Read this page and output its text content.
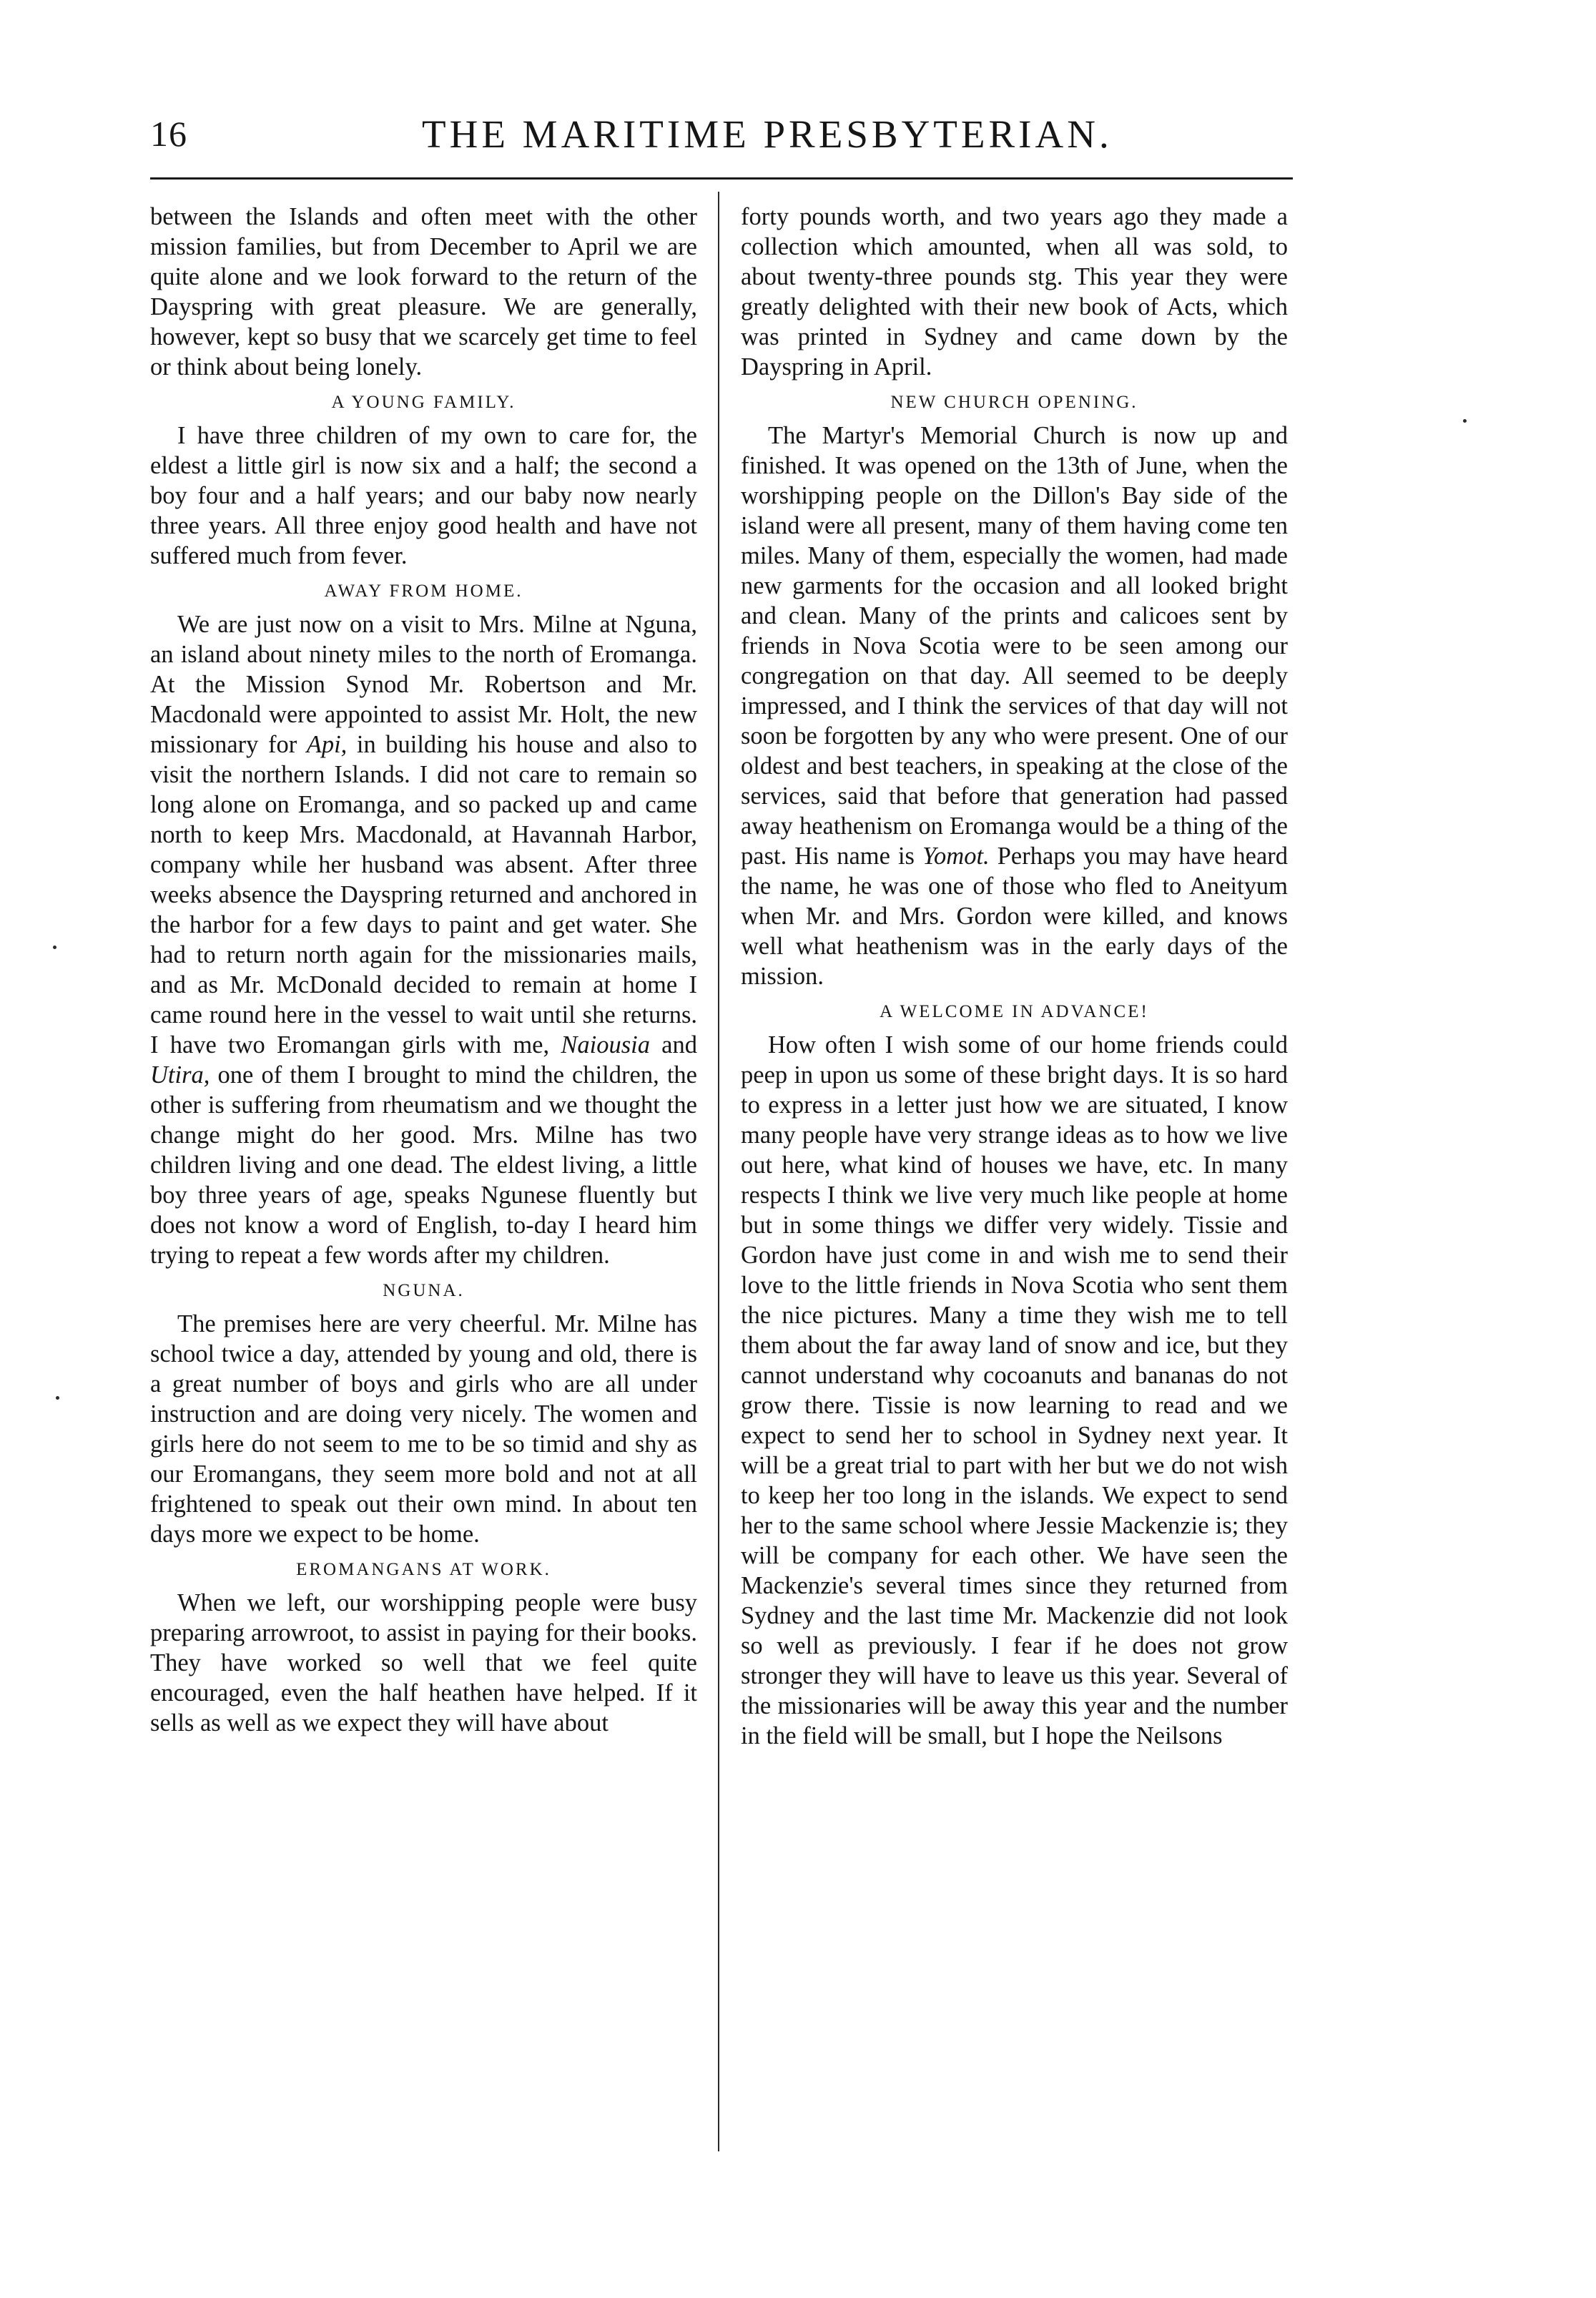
16	THE MARITIME PRESBYTERIAN.

between the Islands and often meet with the other mission families, but from December to April we are quite alone and we look forward to the return of the Dayspring with great pleasure. We are generally, however, kept so busy that we scarcely get time to feel or think about being lonely.

A YOUNG FAMILY.

I have three children of my own to care for, the eldest a little girl is now six and a half; the second a boy four and a half years; and our baby now nearly three years. All three enjoy good health and have not suffered much from fever.

AWAY FROM HOME.

We are just now on a visit to Mrs. Milne at Nguna, an island about ninety miles to the north of Eromanga. At the Mission Synod Mr. Robertson and Mr. Macdonald were appointed to assist Mr. Holt, the new missionary for Api, in building his house and also to visit the northern Islands. I did not care to remain so long alone on Eromanga, and so packed up and came north to keep Mrs. Macdonald, at Havannah Harbor, company while her husband was absent. After three weeks absence the Dayspring returned and anchored in the harbor for a few days to paint and get water. She had to return north again for the missionaries mails, and as Mr. McDonald decided to remain at home I came round here in the vessel to wait until she returns. I have two Eromangan girls with me, Naiousia and Utira, one of them I brought to mind the children, the other is suffering from rheumatism and we thought the change might do her good. Mrs. Milne has two children living and one dead. The eldest living, a little boy three years of age, speaks Ngunese fluently but does not know a word of English, to-day I heard him trying to repeat a few words after my children.

NGUNA.

The premises here are very cheerful. Mr. Milne has school twice a day, attended by young and old, there is a great number of boys and girls who are all under instruction and are doing very nicely. The women and girls here do not seem to me to be so timid and shy as our Eromangans, they seem more bold and not at all frightened to speak out their own mind. In about ten days more we expect to be home.

EROMANGANS AT WORK.

When we left, our worshipping people were busy preparing arrowroot, to assist in paying for their books. They have worked so well that we feel quite encouraged, even the half heathen have helped. If it sells as well as we expect they will have about

forty pounds worth, and two years ago they made a collection which amounted, when all was sold, to about twenty-three pounds stg. This year they were greatly delighted with their new book of Acts, which was printed in Sydney and came down by the Dayspring in April.

NEW CHURCH OPENING.

The Martyr's Memorial Church is now up and finished. It was opened on the 13th of June, when the worshipping people on the Dillon's Bay side of the island were all present, many of them having come ten miles. Many of them, especially the women, had made new garments for the occasion and all looked bright and clean. Many of the prints and calicoes sent by friends in Nova Scotia were to be seen among our congregation on that day. All seemed to be deeply impressed, and I think the services of that day will not soon be forgotten by any who were present. One of our oldest and best teachers, in speaking at the close of the services, said that before that generation had passed away heathenism on Eromanga would be a thing of the past. His name is Yomot. Perhaps you may have heard the name, he was one of those who fled to Aneityum when Mr. and Mrs. Gordon were killed, and knows well what heathenism was in the early days of the mission.

A WELCOME IN ADVANCE!

How often I wish some of our home friends could peep in upon us some of these bright days. It is so hard to express in a letter just how we are situated, I know many people have very strange ideas as to how we live out here, what kind of houses we have, etc. In many respects I think we live very much like people at home but in some things we differ very widely. Tissie and Gordon have just come in and wish me to send their love to the little friends in Nova Scotia who sent them the nice pictures. Many a time they wish me to tell them about the far away land of snow and ice, but they cannot understand why cocoanuts and bananas do not grow there. Tissie is now learning to read and we expect to send her to school in Sydney next year. It will be a great trial to part with her but we do not wish to keep her too long in the islands. We expect to send her to the same school where Jessie Mackenzie is; they will be company for each other. We have seen the Mackenzie's several times since they returned from Sydney and the last time Mr. Mackenzie did not look so well as previously. I fear if he does not grow stronger they will have to leave us this year. Several of the missionaries will be away this year and the number in the field will be small, but I hope the Neilsons
